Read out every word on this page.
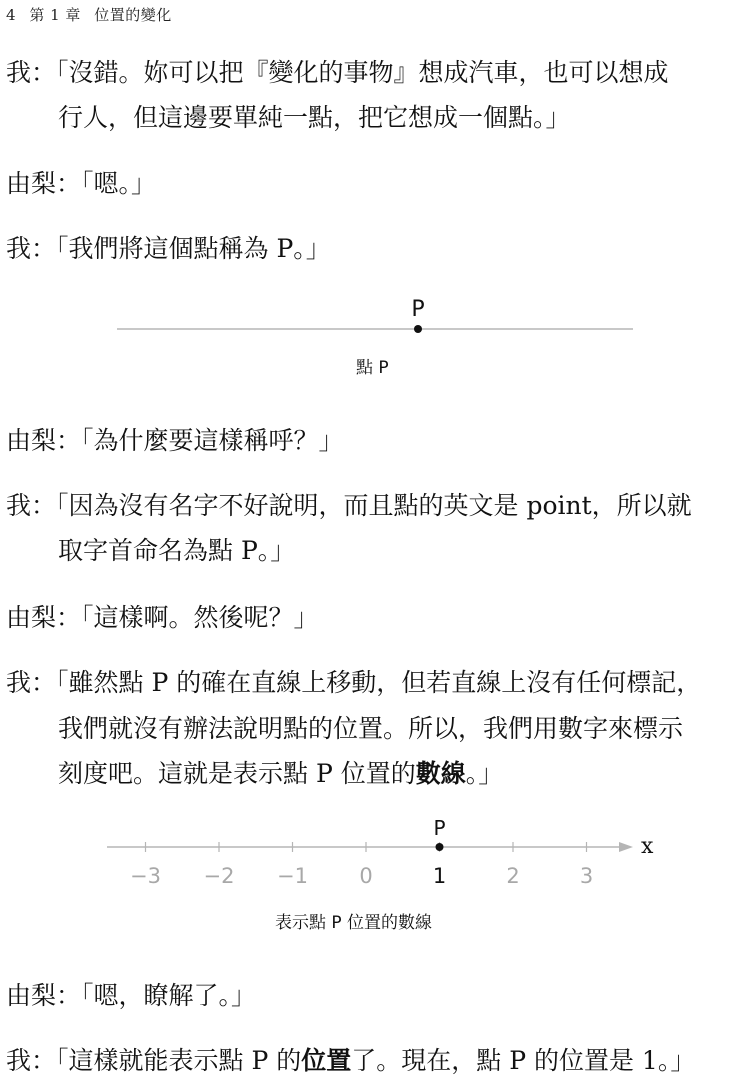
4 第 1 章 位置的變化
我：「沒錯。妳可以把『變化的事物』想成汽車，也可以想成
行人，但這邊要單純一點，把它想成一個點。」
由梨：「嗯。」
我：「我們將這個點稱為 P。」
P
點 P
由梨：「為什麼要這樣稱呼？」
我：「因為沒有名字不好說明，而且點的英文是 point，所以就
取字首命名為點 P。」
由梨：「這樣啊。然後呢？」
我：「雖然點 P 的確在直線上移動，但若直線上沒有任何標記，
我們就沒有辦法說明點的位置。所以，我們用數字來標示
刻度吧。這就是表示點 P 位置的數線。」
x
−3 −2 −1 0	1	2	3
P
表示點 P 位置的數線
由梨：「嗯，瞭解了。」
我：「這樣就能表示點 P 的位置了。現在，點 P 的位置是 1。」
